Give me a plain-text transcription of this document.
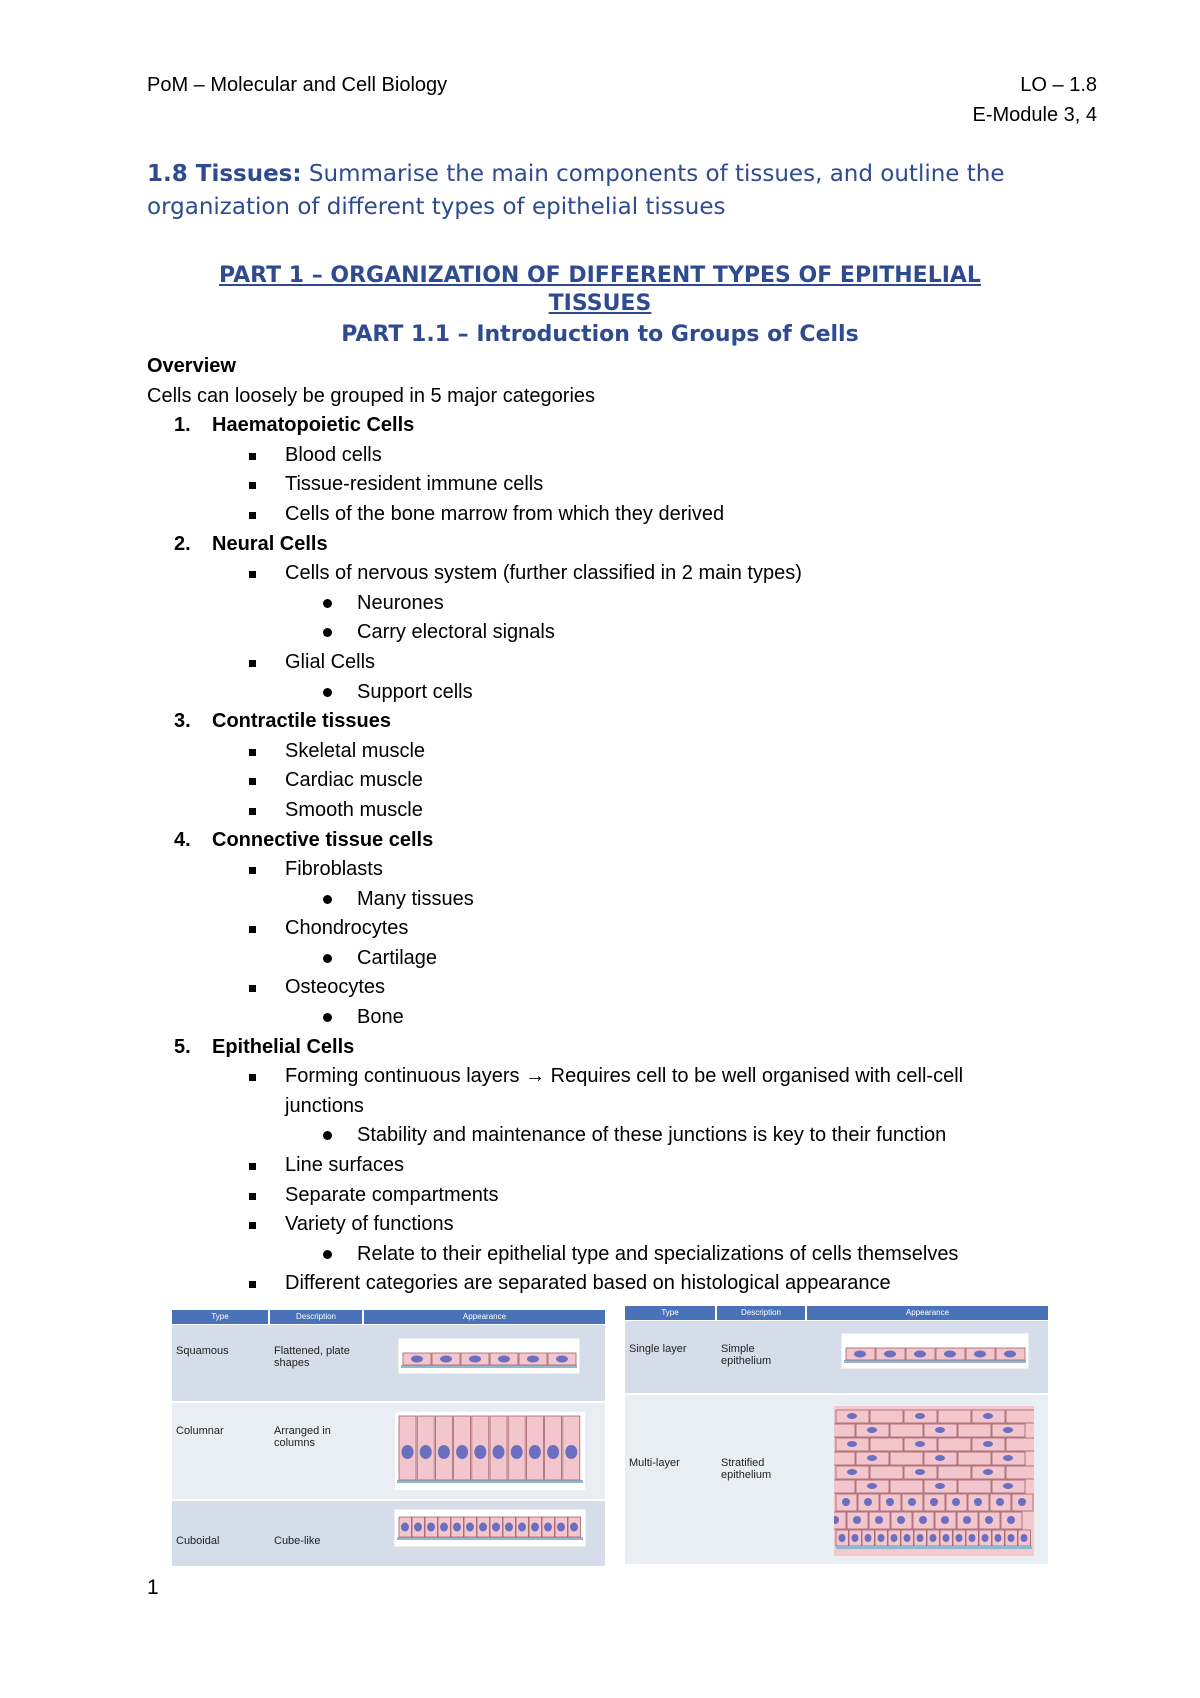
PoM – Molecular and Cell Biology	LO – 1.8
E-Module 3, 4
1.8 Tissues: Summarise the main components of tissues, and outline the organization of different types of epithelial tissues
PART 1 – ORGANIZATION OF DIFFERENT TYPES OF EPITHELIAL
TISSUES
PART 1.1 – Introduction to Groups of Cells
Overview
Cells can loosely be grouped in 5 major categories
1. Haematopoietic Cells
Blood cells
Tissue-resident immune cells
Cells of the bone marrow from which they derived
2. Neural Cells
Cells of nervous system (further classified in 2 main types)
Neurones
Carry electoral signals
Glial Cells
Support cells
3. Contractile tissues
Skeletal muscle
Cardiac muscle
Smooth muscle
4. Connective tissue cells
Fibroblasts
Many tissues
Chondrocytes
Cartilage
Osteocytes
Bone
5. Epithelial Cells
Forming continuous layers → Requires cell to be well organised with cell-cell
junctions
Stability and maintenance of these junctions is key to their function
Line surfaces
Separate compartments
Variety of functions
Relate to their epithelial type and specializations of cells themselves
Different categories are separated based on histological appearance
Type	Description	Appearance
Squamous	Flattened, plate shapes
Columnar	Arranged in columns
Cuboidal	Cube-like
Type	Description	Appearance
Single layer	Simple epithelium
Multi-layer	Stratified epithelium
1
